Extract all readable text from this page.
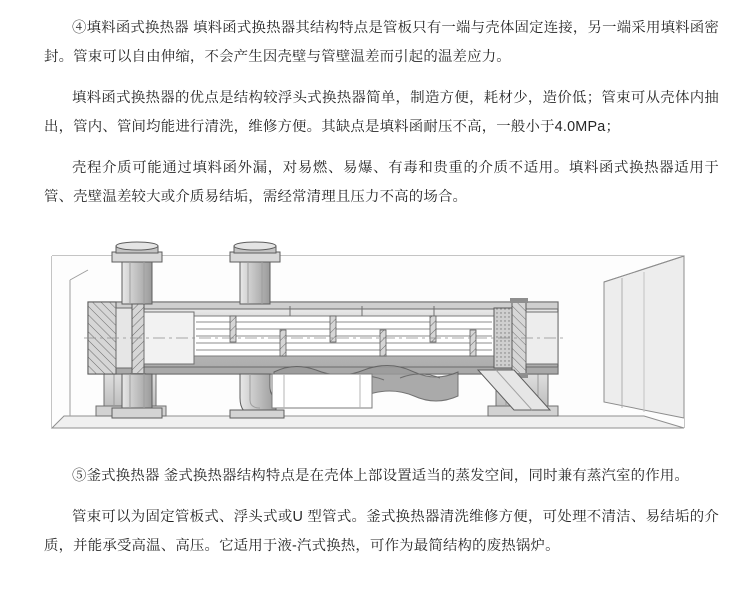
④填料函式换热器 填料函式换热器其结构特点是管板只有一端与壳体固定连接，另一端采用填料函密封。管束可以自由伸缩，不会产生因壳壁与管壁温差而引起的温差应力。

填料函式换热器的优点是结构较浮头式换热器简单，制造方便，耗材少，造价低；管束可从壳体内抽出，管内、管间均能进行清洗，维修方便。其缺点是填料函耐压不高，一般小于4.0MPa；

壳程介质可能通过填料函外漏，对易燃、易爆、有毒和贵重的介质不适用。填料函式换热器适用于管、壳壁温差较大或介质易结垢，需经常清理且压力不高的场合。

⑤釜式换热器 釜式换热器结构特点是在壳体上部设置适当的蒸发空间，同时兼有蒸汽室的作用。

管束可以为固定管板式、浮头式或U 型管式。釜式换热器清洗维修方便，可处理不清洁、易结垢的介质，并能承受高温、高压。它适用于液-汽式换热，可作为最简结构的废热锅炉。
